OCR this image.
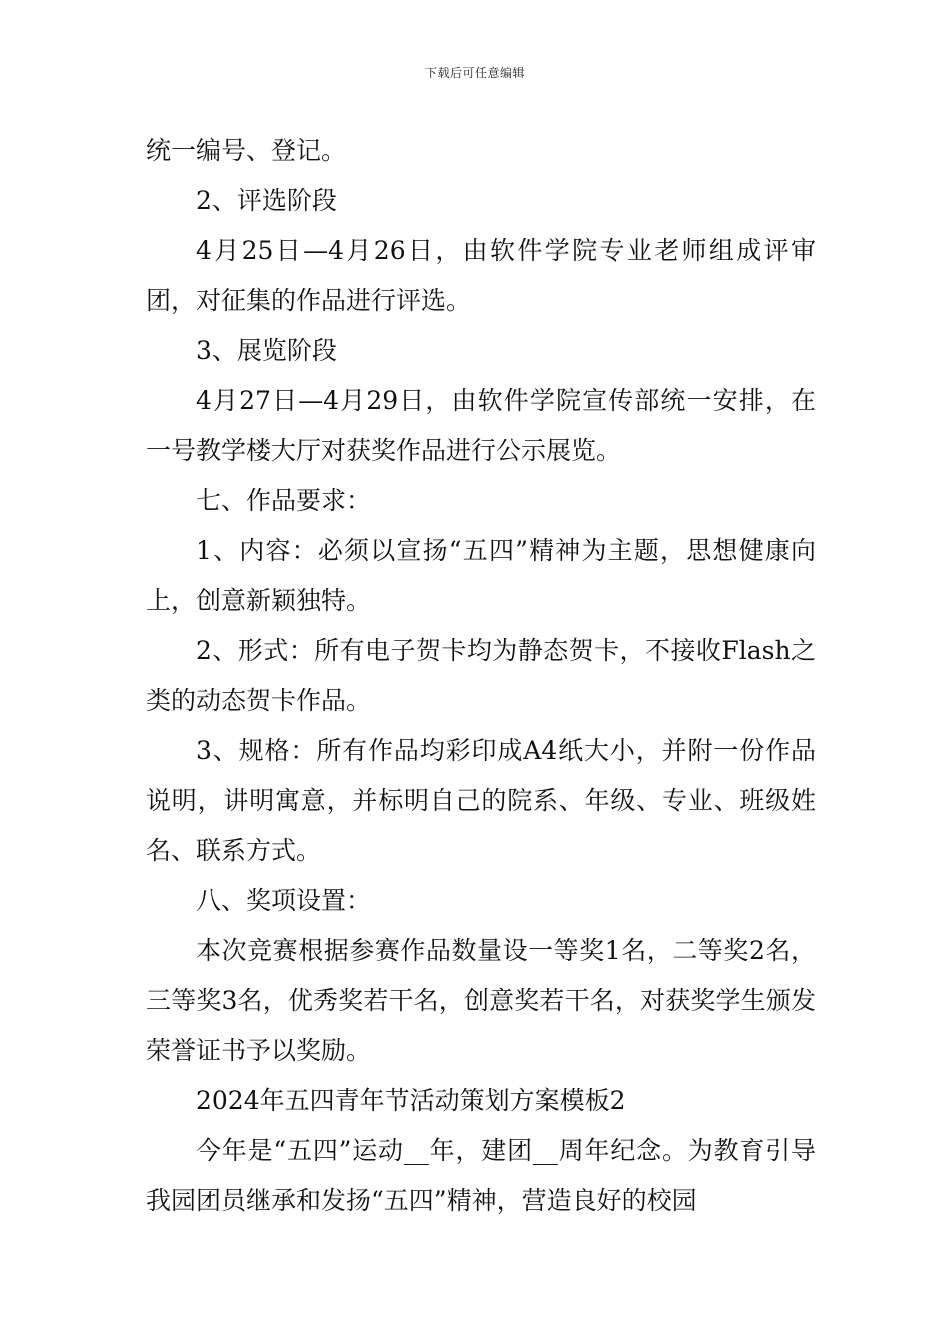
下载后可任意编辑

统一编号、登记。

2、评选阶段

4月25日—4月26日，由软件学院专业老师组成评审团，对征集的作品进行评选。

3、展览阶段

4月27日—4月29日，由软件学院宣传部统一安排，在一号教学楼大厅对获奖作品进行公示展览。

七、作品要求：

1、内容：必须以宣扬“五四”精神为主题，思想健康向上，创意新颖独特。

2、形式：所有电子贺卡均为静态贺卡，不接收Flash之类的动态贺卡作品。

3、规格：所有作品均彩印成A4纸大小，并附一份作品说明，讲明寓意，并标明自己的院系、年级、专业、班级姓名、联系方式。

八、奖项设置：

本次竞赛根据参赛作品数量设一等奖1名，二等奖2名，三等奖3名，优秀奖若干名，创意奖若干名，对获奖学生颁发荣誉证书予以奖励。

2024年五四青年节活动策划方案模板2

今年是“五四”运动__年，建团__周年纪念。为教育引导我园团员继承和发扬“五四”精神，营造良好的校园
